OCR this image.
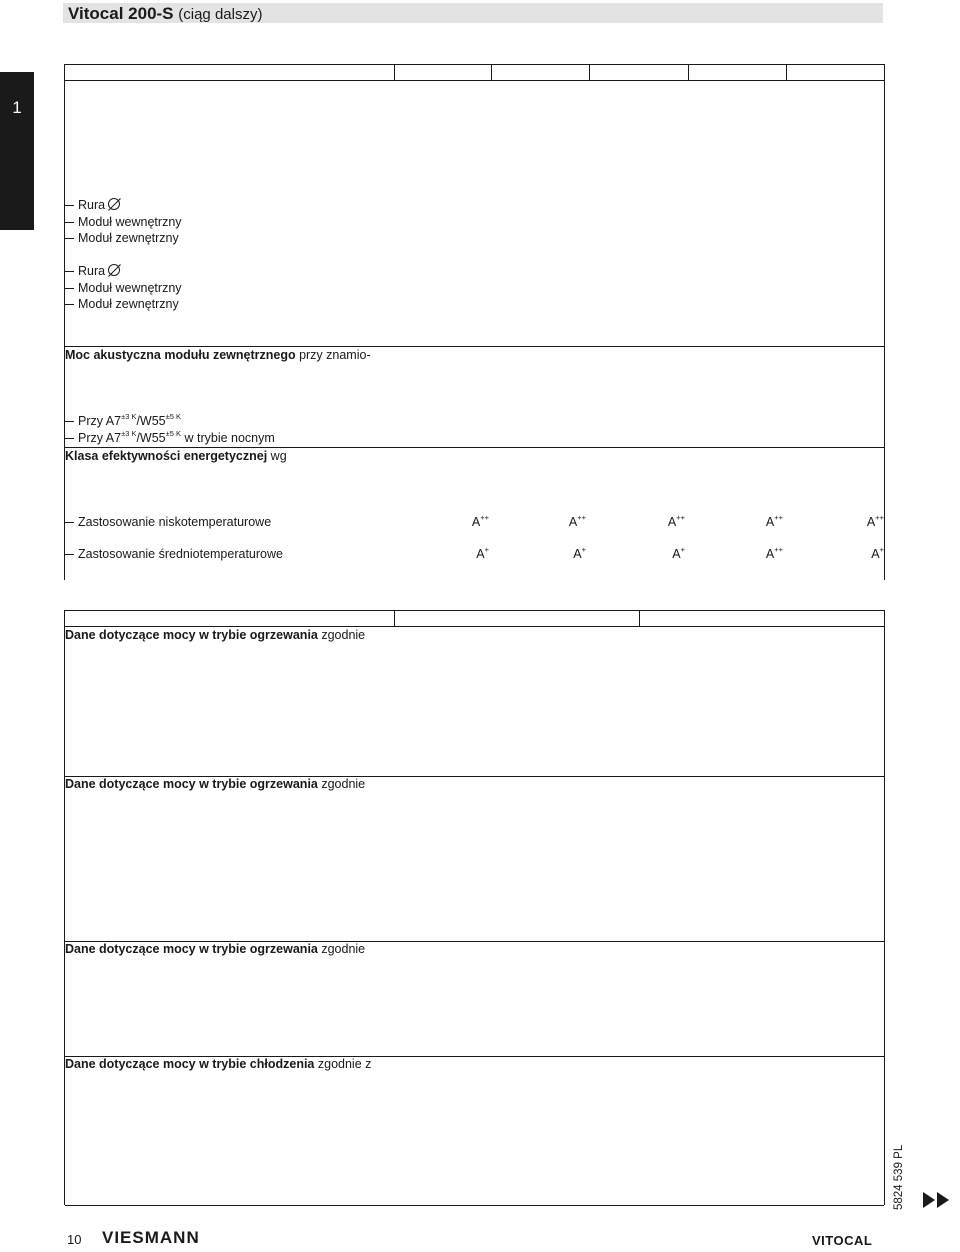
Vitocal 200-S (ciąg dalszy)
1
Rura
Moduł wewnętrzny
Moduł zewnętrzny
Rura
Moduł wewnętrzny
Moduł zewnętrzny
Moc akustyczna modułu zewnętrznego przy znamio-
Przy $A7^{\pm 3 K}/W55^{\pm 5 K}$
Przy $A7^{\pm 3 K}/W55^{\pm 5 K}$ w trybie nocnym
Klasa efektywności energetycznej wg
Zastosowanie niskotemperaturowe	A++	A++	A++	A++	A++
Zastosowanie średniotemperaturowe	A+	A+	A+	A++	A+
Dane dotyczące mocy w trybie ogrzewania zgodnie
Dane dotyczące mocy w trybie ogrzewania zgodnie
Dane dotyczące mocy w trybie ogrzewania zgodnie
Dane dotyczące mocy w trybie chłodzenia zgodnie z
10 VIESMANN	VITOCAL
5824 539 PL
